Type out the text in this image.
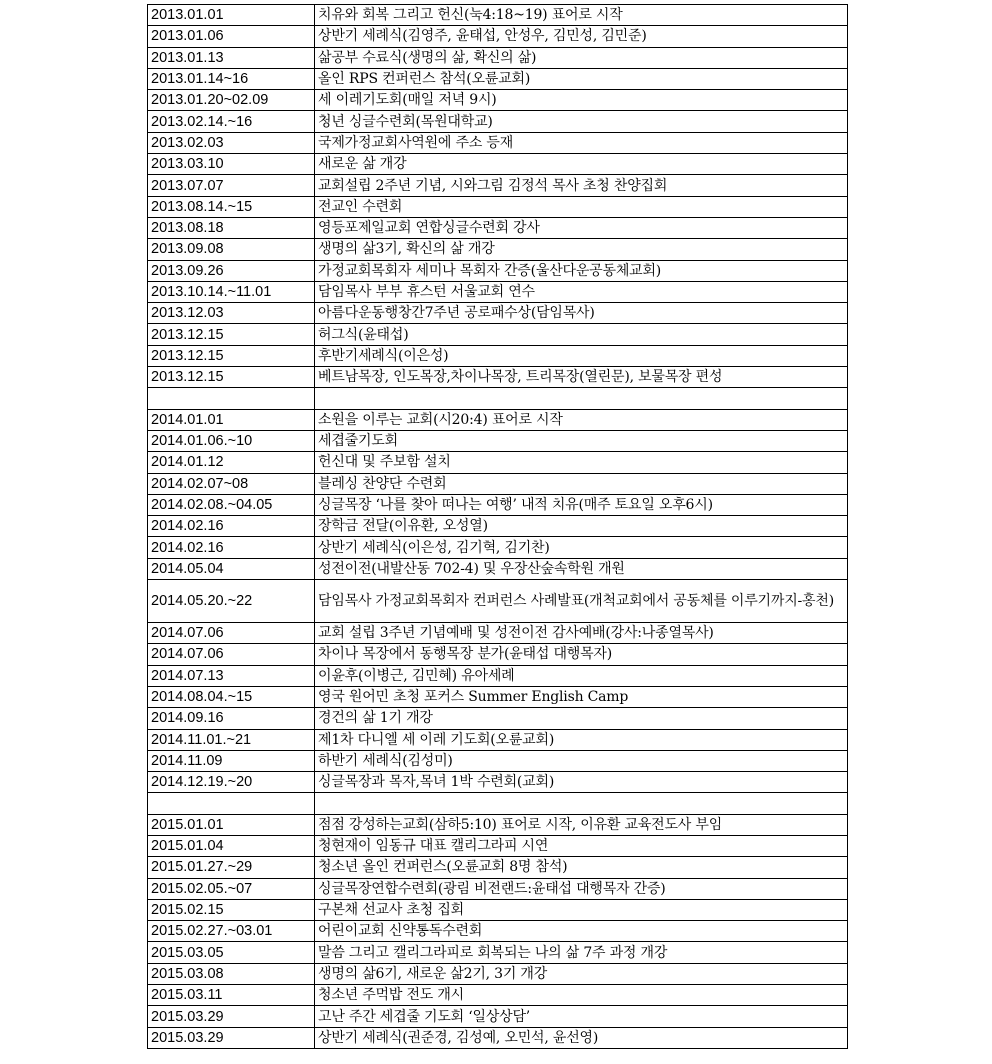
2013.01.01	치유와 회복 그리고 헌신(눅4:18~19) 표어로 시작
2013.01.06	상반기 세례식(김영주, 윤태섭, 안성우, 김민성, 김민준)
2013.01.13	삶공부 수료식(생명의 삶, 확신의 삶)
2013.01.14~16	올인 RPS 컨퍼런스 참석(오륜교회)
2013.01.20~02.09	세 이레기도회(매일 저녁 9시)
2013.02.14.~16	청년 싱글수련회(목원대학교)
2013.02.03	국제가정교회사역원에 주소 등재
2013.03.10	새로운 삶 개강
2013.07.07	교회설립 2주년 기념, 시와그림 김정석 목사 초청 찬양집회
2013.08.14.~15	전교인 수련회
2013.08.18	영등포제일교회 연합싱글수련회 강사
2013.09.08	생명의 삶3기, 확신의 삶 개강
2013.09.26	가정교회목회자 세미나 목회자 간증(울산다운공동체교회)
2013.10.14.~11.01	담임목사 부부 휴스턴 서울교회 연수
2013.12.03	아름다운동행창간7주년 공로패수상(담임목사)
2013.12.15	허그식(윤태섭)
2013.12.15	후반기세례식(이은성)
2013.12.15	베트남목장, 인도목장,차이나목장, 트리목장(열린문), 보물목장 편성

2014.01.01	소원을 이루는 교회(시20:4) 표어로 시작
2014.01.06.~10	세겹줄기도회
2014.01.12	헌신대 및 주보함 설치
2014.02.07~08	블레싱 찬양단 수련회
2014.02.08.~04.05	싱글목장 ‘나를 찾아 떠나는 여행’ 내적 치유(매주 토요일 오후6시)
2014.02.16	장학금 전달(이유환, 오성열)
2014.02.16	상반기 세례식(이은성, 김기혁, 김기찬)
2014.05.04	성전이전(내발산동 702-4) 및 우장산숲속학원 개원
2014.05.20.~22	담임목사 가정교회목회자 컨퍼런스 사례발표(개척교회에서 공동체를 이루기까지-홍천)
2014.07.06	교회 설립 3주년 기념예배 및 성전이전 감사예배(강사:나종열목사)
2014.07.06	차이나 목장에서 동행목장 분가(윤태섭 대행목자)
2014.07.13	이윤후(이병근, 김민혜) 유아세례
2014.08.04.~15	영국 원어민 초청 포커스 Summer English Camp
2014.09.16	경건의 삶 1기 개강
2014.11.01.~21	제1차 다니엘 세 이레 기도회(오륜교회)
2014.11.09	하반기 세례식(김성미)
2014.12.19.~20	싱글목장과 목자,목녀 1박 수련회(교회)

2015.01.01	점점 강성하는교회(삼하5:10) 표어로 시작, 이유환 교육전도사 부임
2015.01.04	청현재이 임동규 대표 캘리그라피 시연
2015.01.27.~29	청소년 올인 컨퍼런스(오륜교회 8명 참석)
2015.02.05.~07	싱글목장연합수련회(광림 비전랜드:윤태섭 대행목자 간증)
2015.02.15	구본채 선교사 초청 집회
2015.02.27.~03.01	어린이교회 신약통독수련회
2015.03.05	말씀 그리고 캘리그라피로 회복되는 나의 삶 7주 과정 개강
2015.03.08	생명의 삶6기, 새로운 삶2기, 3기 개강
2015.03.11	청소년 주먹밥 전도 개시
2015.03.29	고난 주간 세겹줄 기도회 ‘일상상담’
2015.03.29	상반기 세례식(권준경, 김성예, 오민석, 윤선영)
